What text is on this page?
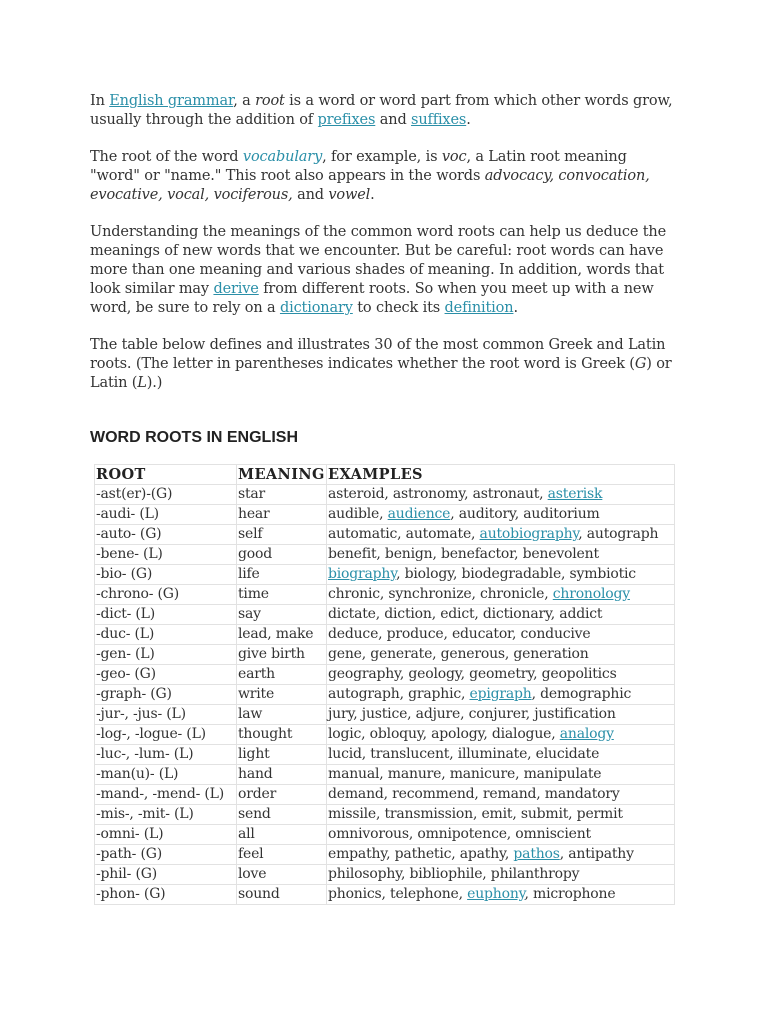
In English grammar, a root is a word or word part from which other words grow, usually through the addition of prefixes and suffixes.

The root of the word vocabulary, for example, is voc, a Latin root meaning "word" or "name." This root also appears in the words advocacy, convocation, evocative, vocal, vociferous, and vowel.

Understanding the meanings of the common word roots can help us deduce the meanings of new words that we encounter. But be careful: root words can have more than one meaning and various shades of meaning. In addition, words that look similar may derive from different roots. So when you meet up with a new word, be sure to rely on a dictionary to check its definition.

The table below defines and illustrates 30 of the most common Greek and Latin roots. (The letter in parentheses indicates whether the root word is Greek (G) or Latin (L).)

WORD ROOTS IN ENGLISH
ROOT	MEANING	EXAMPLES
-ast(er)-(G)	star	asteroid, astronomy, astronaut, asterisk
-audi- (L)	hear	audible, audience, auditory, auditorium
-auto- (G)	self	automatic, automate, autobiography, autograph
-bene- (L)	good	benefit, benign, benefactor, benevolent
-bio- (G)	life	biography, biology, biodegradable, symbiotic
-chrono- (G)	time	chronic, synchronize, chronicle, chronology
-dict- (L)	say	dictate, diction, edict, dictionary, addict
-duc- (L)	lead, make	deduce, produce, educator, conducive
-gen- (L)	give birth	gene, generate, generous, generation
-geo- (G)	earth	geography, geology, geometry, geopolitics
-graph- (G)	write	autograph, graphic, epigraph, demographic
-jur-, -jus- (L)	law	jury, justice, adjure, conjurer, justification
-log-, -logue- (L)	thought	logic, obloquy, apology, dialogue, analogy
-luc-, -lum- (L)	light	lucid, translucent, illuminate, elucidate
-man(u)- (L)	hand	manual, manure, manicure, manipulate
-mand-, -mend- (L)	order	demand, recommend, remand, mandatory
-mis-, -mit- (L)	send	missile, transmission, emit, submit, permit
-omni- (L)	all	omnivorous, omnipotence, omniscient
-path- (G)	feel	empathy, pathetic, apathy, pathos, antipathy
-phil- (G)	love	philosophy, bibliophile, philanthropy
-phon- (G)	sound	phonics, telephone, euphony, microphone
